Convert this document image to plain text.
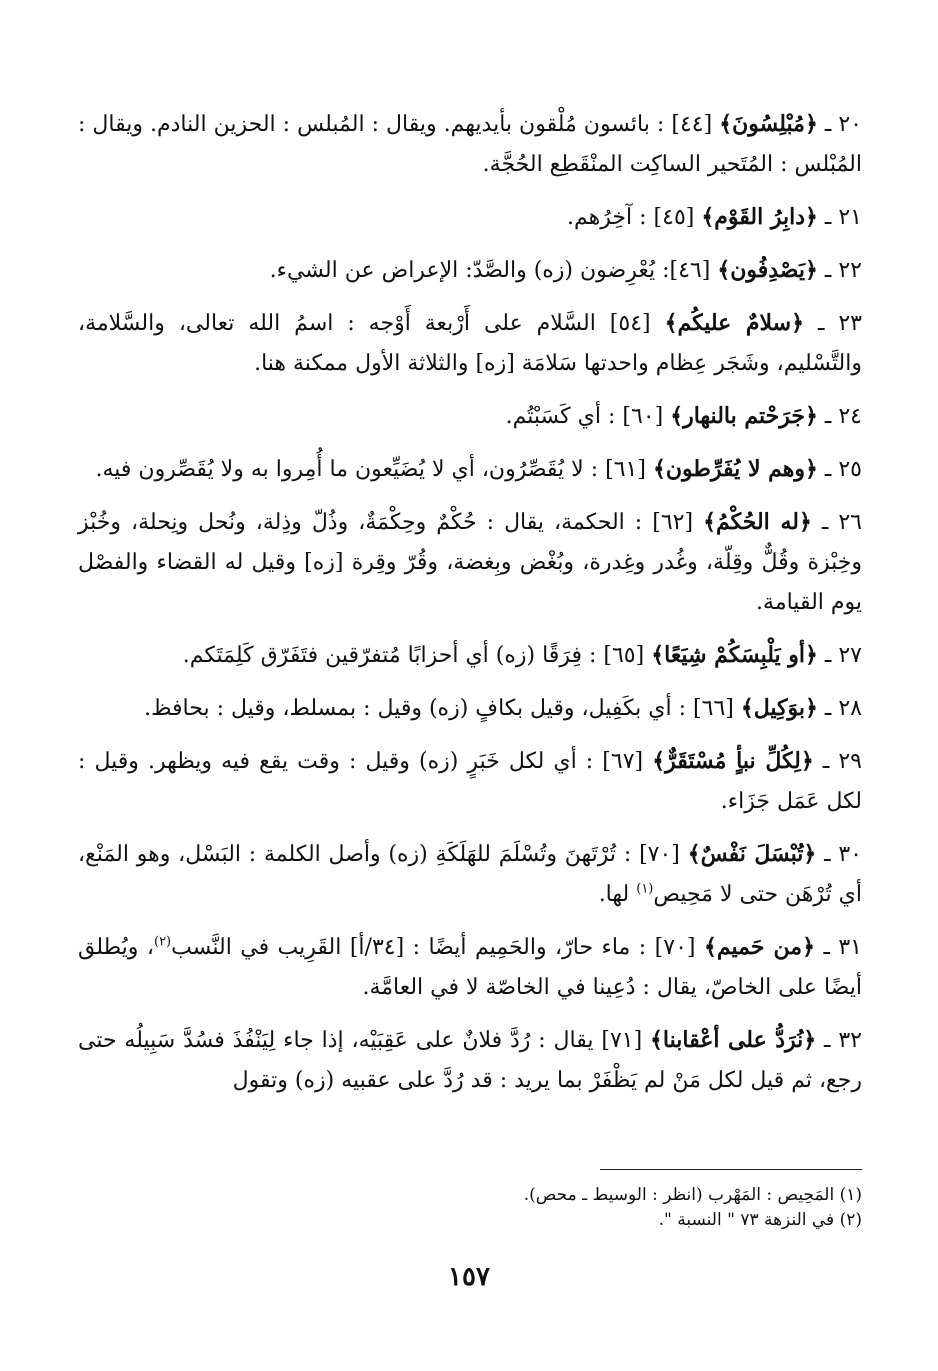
٢٠ ـ ﴿مُبْلِسُونَ﴾ [٤٤] : بائسون مُلْقون بأيديهم. ويقال : المُبلس : الحزين النادم. ويقال : المُبْلس : المُتَحير الساكِت المنْقَطِع الحُجَّة.

٢١ ـ ﴿دابِرُ القَوْم﴾ [٤٥] : آخِرُهم.

٢٢ ـ ﴿يَصْدِفُون﴾ [٤٦]: يُعْرِضون (زه) والصَّدّ: الإعراض عن الشيء.

٢٣ ـ ﴿سلامٌ عليكُم﴾ [٥٤] السَّلام على أَرْبعة أَوْجه : اسمُ الله تعالى، والسَّلامة، والتَّسْليم، وشَجَر عِظام واحدتها سَلامَة [زه] والثلاثة الأول ممكنة هنا.

٢٤ ـ ﴿جَرَحْتم بالنهار﴾ [٦٠] : أي كَسَبْتُم.

٢٥ ـ ﴿وهم لا يُفَرِّطون﴾ [٦١] : لا يُقَصِّرُون، أي لا يُضَيِّعون ما أُمِروا به ولا يُقَصِّرون فيه.

٢٦ ـ ﴿له الحُكْمُ﴾ [٦٢] : الحكمة، يقال : حُكْمٌ وحِكْمَةٌ، وذُلّ وذِلة، ونُحل ونِحلة، وخُبْز وخِبْزة وقُلٌّ وقِلّة، وغُدر وغِدرة، وبُغْض وبِغضة، وقُرّ وقِرة [زه] وقيل له القضاء والفصْل يوم القيامة.

٢٧ ـ ﴿أو يَلْبِسَكُمْ شِيَعًا﴾ [٦٥] : فِرَقًا (زه) أي أحزابًا مُتفرّقين فتَفَرّق كَلِمَتَكم.

٢٨ ـ ﴿بوَكِيل﴾ [٦٦] : أي بكَفِيل، وقيل بكافٍ (زه) وقيل : بمسلط، وقيل : بحافظ.

٢٩ ـ ﴿لِكُلِّ نبأٍ مُسْتَقَرٌّ﴾ [٦٧] : أي لكل خَبَرٍ (زه) وقيل : وقت يقع فيه ويظهر. وقيل : لكل عَمَل جَزَاء.

٣٠ ـ ﴿تُبْسَلَ نَفْسٌ﴾ [٧٠] : تُرْتَهنَ وتُسْلَمَ للهَلَكَةِ (زه) وأصل الكلمة : البَسْل، وهو المَنْع، أي تُرْهَن حتى لا مَحِيص$^{(١)}$ لها.

٣١ ـ ﴿من حَميم﴾ [٧٠] : ماء حارّ، والحَمِيم أيضًا : [٣٤/أ] القَرِيب في النَّسب$^{(٢)}$، ويُطلق أيضًا على الخاصّ، يقال : دُعِينا في الخاصّة لا في العامَّة.

٣٢ ـ ﴿نُرَدُّ على أعْقابنا﴾ [٧١] يقال : رُدَّ فلانٌ على عَقِبَيْه، إذا جاء لِيَنْفُذَ فسُدَّ سَبِيلُه حتى رجع، ثم قيل لكل مَنْ لم يَظْفَرْ بما يريد : قد رُدَّ على عقبيه (زه) وتقول

(١) المَحِيص : المَهْرب (انظر : الوسيط ـ محص).

(٢) في النزهة ٧٣ " النسبة ".

١٥٧
